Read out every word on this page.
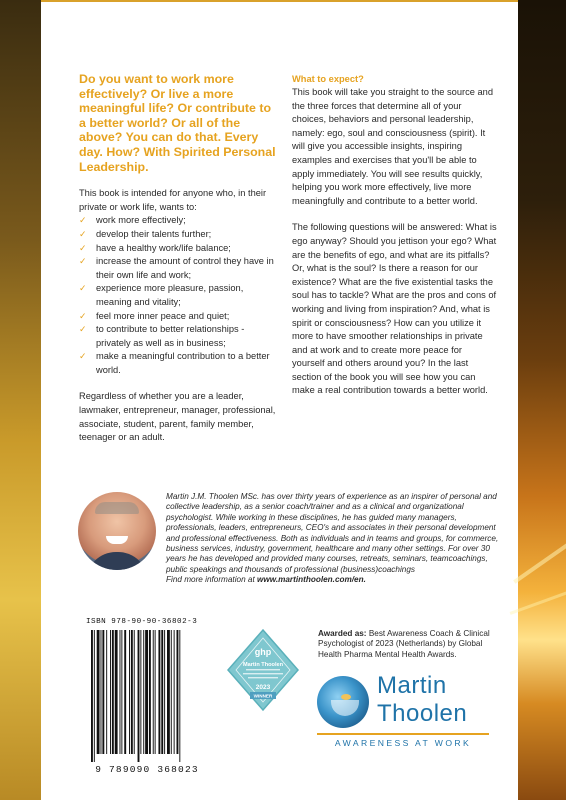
Do you want to work more effectively? Or live a more meaningful life? Or contribute to a better world? Or all of the above? You can do that. Every day. How? With Spirited Personal Leadership.

This book is intended for anyone who, in their private or work life, wants to:

✓ work more effectively;
✓ develop their talents further;
✓ have a healthy work/life balance;
✓ increase the amount of control they have in their own life and work;
✓ experience more pleasure, passion, meaning and vitality;
✓ feel more inner peace and quiet;
✓ to contribute to better relationships - privately as well as in business;
✓ make a meaningful contribution to a better world.

Regardless of whether you are a leader, lawmaker, entrepreneur, manager, professional, associate, student, parent, family member, teenager or an adult.

What to expect?

This book will take you straight to the source and the three forces that determine all of your choices, behaviors and personal leadership, namely: ego, soul and consciousness (spirit). It will give you accessible insights, inspiring examples and exercises that you'll be able to apply immediately. You will see results quickly, helping you work more effectively, live more meaningfully and contribute to a better world.

The following questions will be answered: What is ego anyway? Should you jettison your ego? What are the benefits of ego, and what are its pitfalls? Or, what is the soul? Is there a reason for our existence? What are the five existential tasks the soul has to tackle? What are the pros and cons of working and living from inspiration? And, what is spirit or consciousness? How can you utilize it more to have smoother relationships in private and at work and to create more peace for yourself and others around you? In the last section of the book you will see how you can make a real contribution towards a better world.

Martin J.M. Thoolen MSc. has over thirty years of experience as an inspirer of personal and collective leadership, as a senior coach/trainer and as a clinical and organizational psychologist. While working in these disciplines, he has guided many managers, professionals, leaders, entrepreneurs, CEO's and associates in their personal development and professional effectiveness. Both as individuals and in teams and groups, for commerce, business services, industry, government, healthcare and many other settings. For over 30 years he has developed and provided many courses, retreats, seminars, teamcoachings, public speakings and thousands of professional (business)coachings
Find more information at www.martinthoolen.com/en.

ISBN 978-90-90-36802-3
9 789090 368023
ghp
Martin Thoolen
2023
WINNER

Awarded as: Best Awareness Coach & Clinical Psychologist of 2023 (Netherlands) by Global Health Pharma Mental Health Awards.

Martin
Thoolen
AWARENESS AT WORK
